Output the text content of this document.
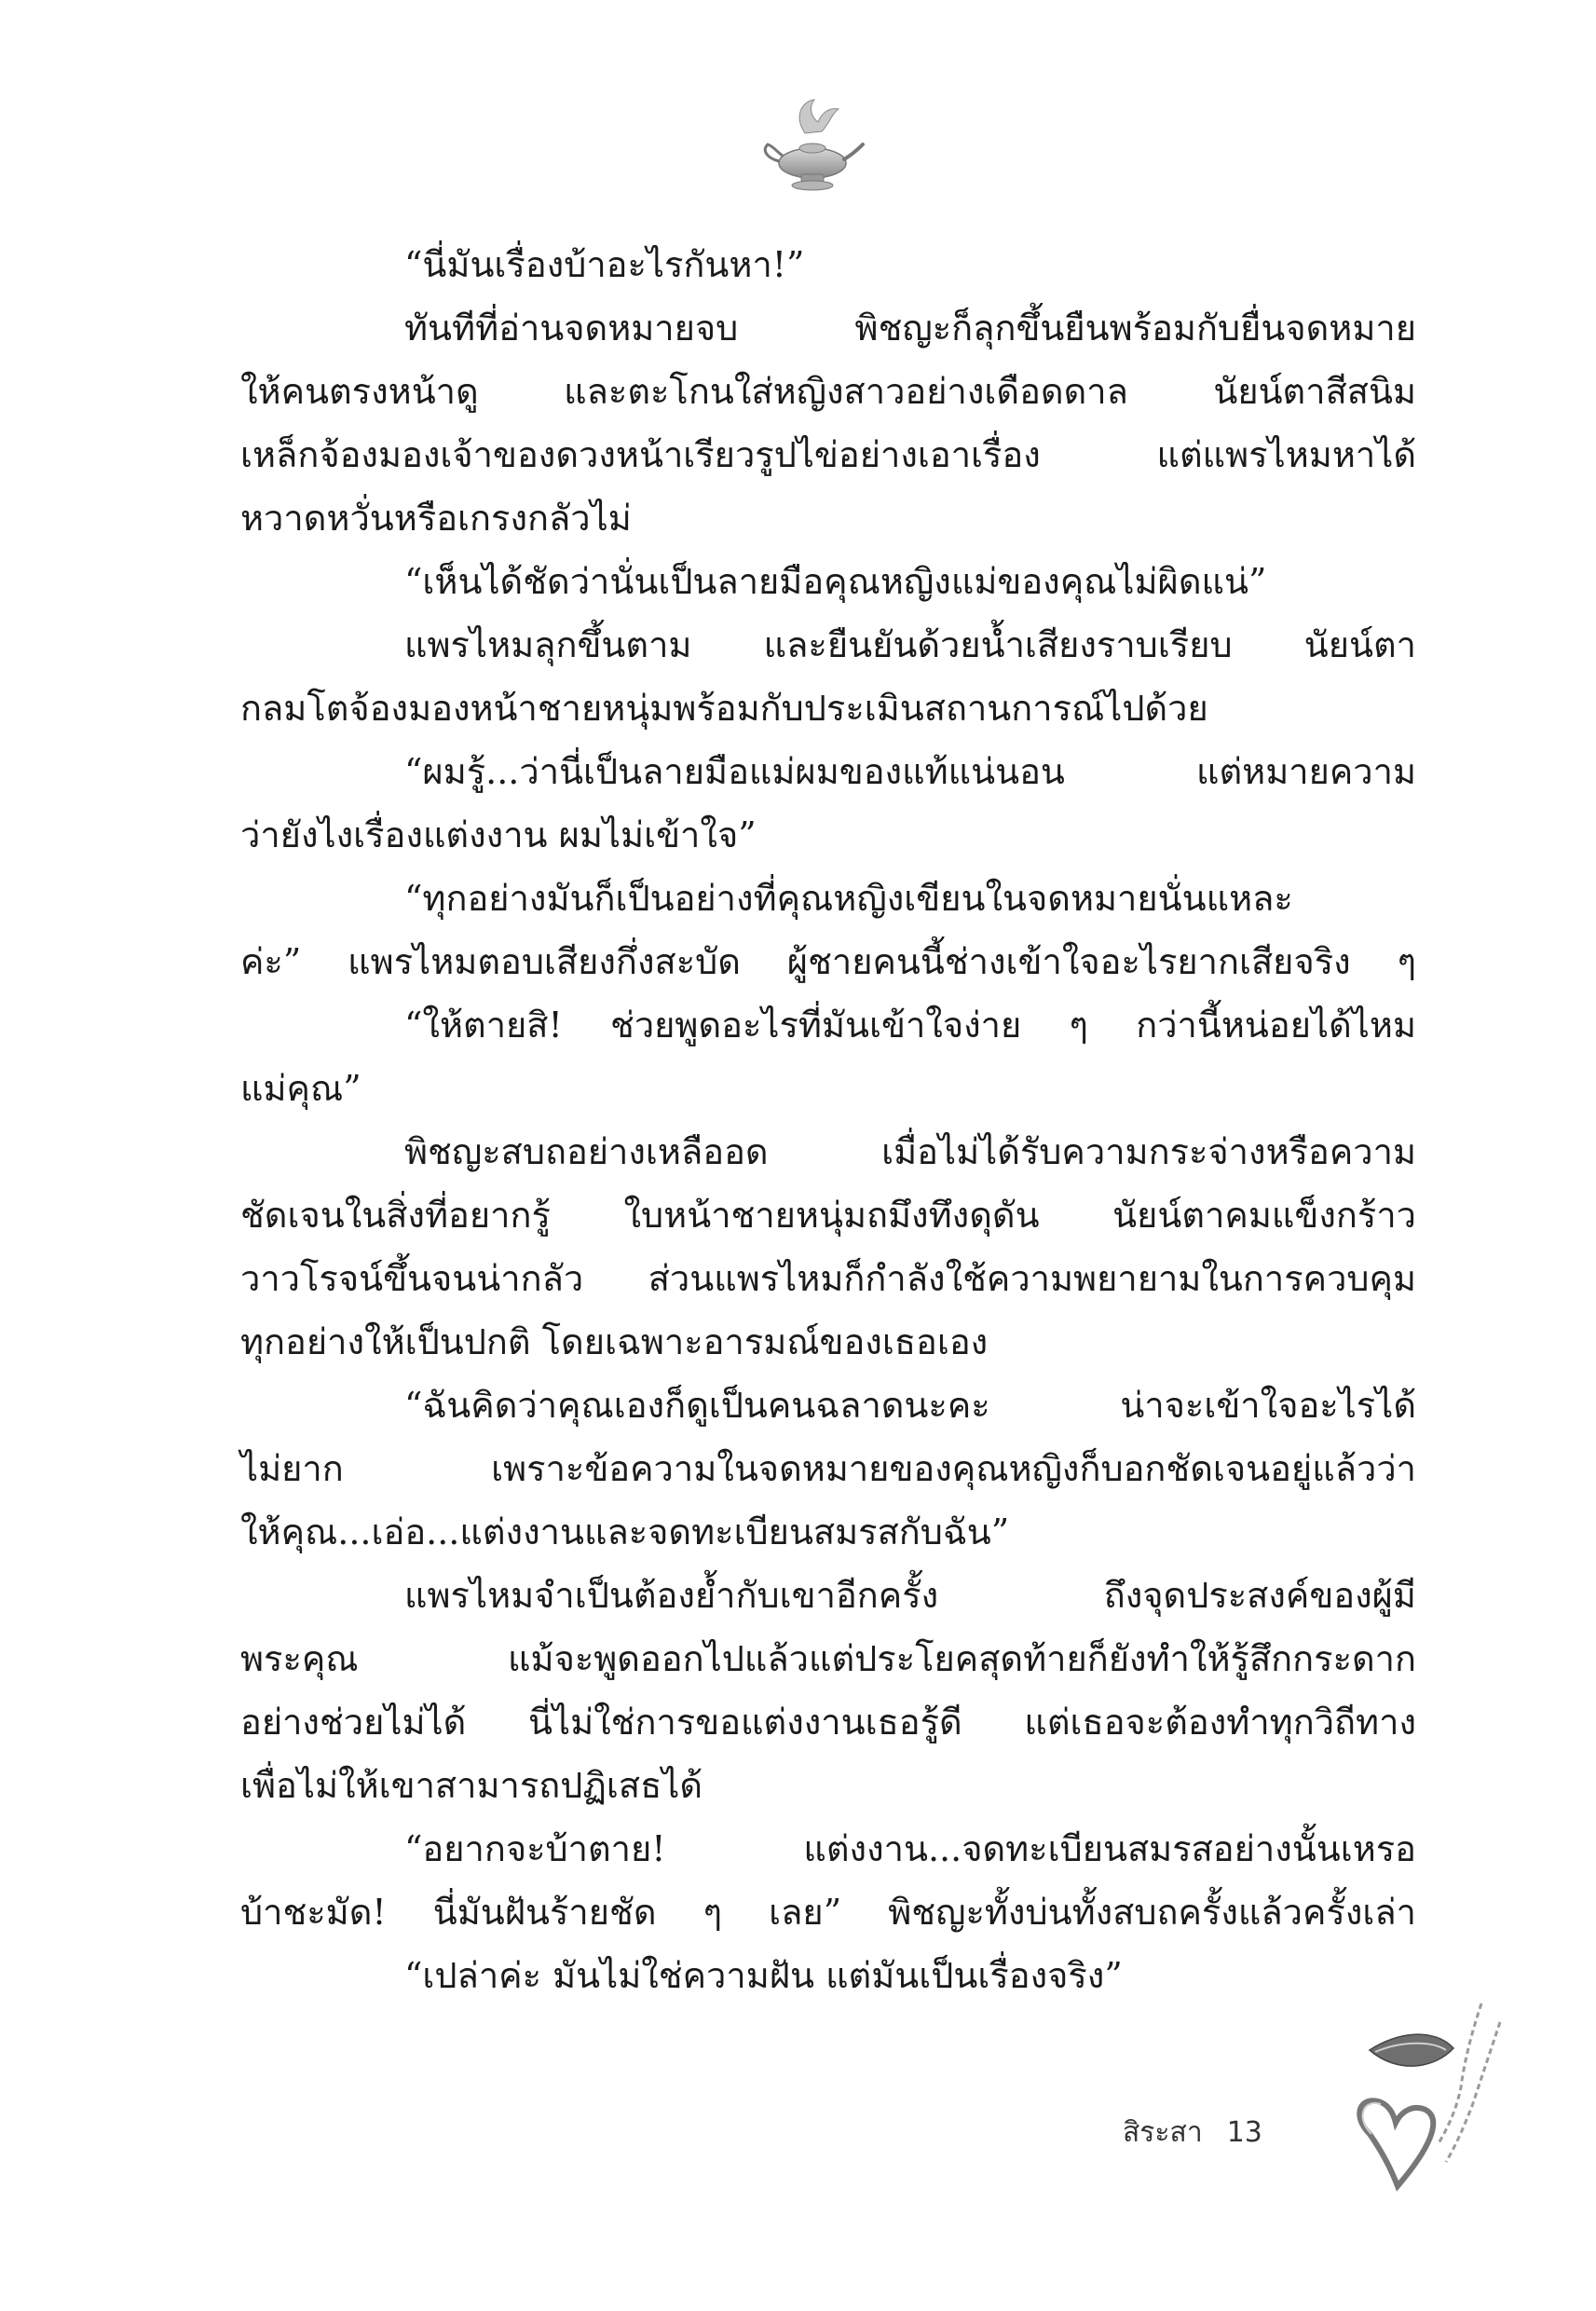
“นี่มันเรื่องบ้าอะไรกันหา!”
ทันทีที่อ่านจดหมายจบ พิชญะก็ลุกขึ้นยืนพร้อมกับยื่นจดหมาย
ให้คนตรงหน้าดู และตะโกนใส่หญิงสาวอย่างเดือดดาล นัยน์ตาสีสนิม
เหล็กจ้องมองเจ้าของดวงหน้าเรียวรูปไข่อย่างเอาเรื่อง แต่แพรไหมหาได้
หวาดหวั่นหรือเกรงกลัวไม่
“เห็นได้ชัดว่านั่นเป็นลายมือคุณหญิงแม่ของคุณไม่ผิดแน่”
แพรไหมลุกขึ้นตาม และยืนยันด้วยน้ำเสียงราบเรียบ นัยน์ตา
กลมโตจ้องมองหน้าชายหนุ่มพร้อมกับประเมินสถานการณ์ไปด้วย
“ผมรู้...ว่านี่เป็นลายมือแม่ผมของแท้แน่นอน แต่หมายความ
ว่ายังไงเรื่องแต่งงาน ผมไม่เข้าใจ”
“ทุกอย่างมันก็เป็นอย่างที่คุณหญิงเขียนในจดหมายนั่นแหละ
ค่ะ” แพรไหมตอบเสียงกึ่งสะบัด ผู้ชายคนนี้ช่างเข้าใจอะไรยากเสียจริง ๆ
“ให้ตายสิ! ช่วยพูดอะไรที่มันเข้าใจง่าย ๆ กว่านี้หน่อยได้ไหม
แม่คุณ”
พิชญะสบถอย่างเหลืออด เมื่อไม่ได้รับความกระจ่างหรือความ
ชัดเจนในสิ่งที่อยากรู้ ใบหน้าชายหนุ่มถมึงทึงดุดัน นัยน์ตาคมแข็งกร้าว
วาวโรจน์ขึ้นจนน่ากลัว ส่วนแพรไหมก็กำลังใช้ความพยายามในการควบคุม
ทุกอย่างให้เป็นปกติ โดยเฉพาะอารมณ์ของเธอเอง
“ฉันคิดว่าคุณเองก็ดูเป็นคนฉลาดนะคะ น่าจะเข้าใจอะไรได้
ไม่ยาก เพราะข้อความในจดหมายของคุณหญิงก็บอกชัดเจนอยู่แล้วว่า
ให้คุณ...เอ่อ...แต่งงานและจดทะเบียนสมรสกับฉัน”
แพรไหมจำเป็นต้องย้ำกับเขาอีกครั้ง ถึงจุดประสงค์ของผู้มี
พระคุณ แม้จะพูดออกไปแล้วแต่ประโยคสุดท้ายก็ยังทำให้รู้สึกกระดาก
อย่างช่วยไม่ได้ นี่ไม่ใช่การขอแต่งงานเธอรู้ดี แต่เธอจะต้องทำทุกวิถีทาง
เพื่อไม่ให้เขาสามารถปฏิเสธได้
“อยากจะบ้าตาย! แต่งงาน...จดทะเบียนสมรสอย่างนั้นเหรอ
บ้าชะมัด! นี่มันฝันร้ายชัด ๆ เลย” พิชญะทั้งบ่นทั้งสบถครั้งแล้วครั้งเล่า
“เปล่าค่ะ มันไม่ใช่ความฝัน แต่มันเป็นเรื่องจริง”
สิระสา 13
